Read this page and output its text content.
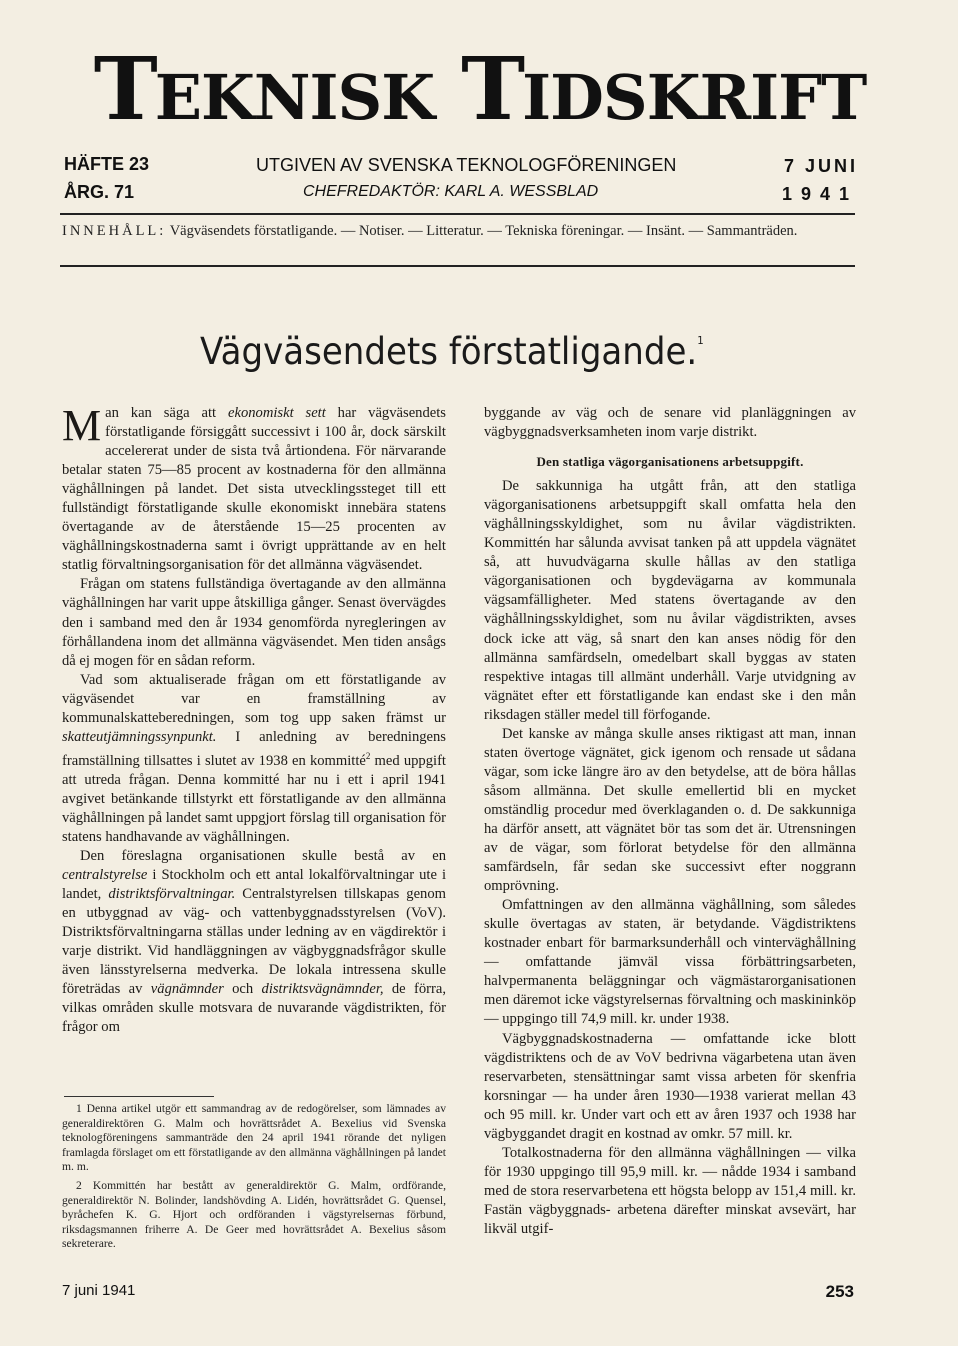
TEKNISK TIDSKRIFT
HÄFTE 23
ÅRG. 71
UTGIVEN AV SVENSKA TEKNOLOGFÖRENINGEN
CHEFREDAKTÖR: KARL A. WESSBLAD
7 JUNI
1941
INNEHÅLL: Vägväsendets förstatligande. — Notiser. — Litteratur. — Tekniska föreningar. — Insänt. — Sammanträden.
Vägväsendets förstatligande.$^1$

Man kan säga att ekonomiskt sett har vägväsendets förstatligande försiggått successivt i 100 år, dock särskilt accelererat under de sista två årtiondena. För närvarande betalar staten 75—85 procent av kostnaderna för den allmänna väghållningen på landet. Det sista utvecklingssteget till ett fullständigt förstatligande skulle ekonomiskt innebära statens övertagande av de återstående 15—25 procenten av väghållningskostnaderna samt i övrigt upprättande av en helt statlig förvaltningsorganisation för det allmänna vägväsendet.

Frågan om statens fullständiga övertagande av den allmänna väghållningen har varit uppe åtskilliga gånger. Senast övervägdes den i samband med den år 1934 genomförda nyregleringen av förhållandena inom det allmänna vägväsendet. Men tiden ansågs då ej mogen för en sådan reform.

Vad som aktualiserade frågan om ett förstatligande av vägväsendet var en framställning av kommunalskatteberedningen, som tog upp saken främst ur skatteutjämningssynpunkt. I anledning av beredningens framställning tillsattes i slutet av 1938 en kommitté$^2$ med uppgift att utreda frågan. Denna kommitté har nu i ett i april 1941 avgivet betänkande tillstyrkt ett förstatligande av den allmänna väghållningen på landet samt uppgjort förslag till organisation för statens handhavande av väghållningen.

Den föreslagna organisationen skulle bestå av en centralstyrelse i Stockholm och ett antal lokalförvaltningar ute i landet, distriktsförvaltningar. Centralstyrelsen tillskapas genom en utbyggnad av väg- och vattenbyggnadsstyrelsen (VoV). Distriktsförvaltningarna ställas under ledning av en vägdirektör i varje distrikt. Vid handläggningen av vägbyggnadsfrågor skulle även länsstyrelserna medverka. De lokala intressena skulle företrädas av vägnämnder och distriktsvägnämnder, de förra, vilkas områden skulle motsvara de nuvarande vägdistrikten, för frågor om

1 Denna artikel utgör ett sammandrag av de redogörelser, som lämnades av generaldirektören G. Malm och hovrättsrådet A. Bexelius vid Svenska teknologföreningens sammanträde den 24 april 1941 rörande det nyligen framlagda förslaget om ett förstatligande av den allmänna väghållningen på landet m. m.

2 Kommittén har bestått av generaldirektör G. Malm, ordförande, generaldirektör N. Bolinder, landshövding A. Lidén, hovrättsrådet G. Quensel, byråchefen K. G. Hjort och ordföranden i vägstyrelsernas förbund, riksdagsmannen friherre A. De Geer med hovrättsrådet A. Bexelius såsom sekreterare.

byggande av väg och de senare vid planläggningen av vägbyggnadsverksamheten inom varje distrikt.

Den statliga vägorganisationens arbetsuppgift.

De sakkunniga ha utgått från, att den statliga vägorganisationens arbetsuppgift skall omfatta hela den väghållningsskyldighet, som nu åvilar vägdistrikten. Kommittén har sålunda avvisat tanken på att uppdela vägnätet så, att huvudvägarna skulle hållas av den statliga vägorganisationen och bygdevägarna av kommunala vägsamfälligheter. Med statens övertagande av den väghållningsskyldighet, som nu åvilar vägdistrikten, avses dock icke att väg, så snart den kan anses nödig för den allmänna samfärdseln, omedelbart skall byggas av staten respektive intagas till allmänt underhåll. Varje utvidgning av vägnätet efter ett förstatligande kan endast ske i den mån riksdagen ställer medel till förfogande.

Det kanske av många skulle anses riktigast att man, innan staten övertoge vägnätet, gick igenom och rensade ut sådana vägar, som icke längre äro av den betydelse, att de böra hållas såsom allmänna. Det skulle emellertid bli en mycket omständlig procedur med överklaganden o. d. De sakkunniga ha därför ansett, att vägnätet bör tas som det är. Utrensningen av de vägar, som förlorat betydelse för den allmänna samfärdseln, får sedan ske successivt efter noggrann omprövning.

Omfattningen av den allmänna väghållning, som således skulle övertagas av staten, är betydande. Vägdistriktens kostnader enbart för barmarksunderhåll och vinterväghållning — omfattande jämväl vissa förbättringsarbeten, halvpermanenta beläggningar och vägmästarorganisationen men däremot icke vägstyrelsernas förvaltning och maskininköp — uppgingo till 74,9 mill. kr. under 1938.

Vägbyggnadskostnaderna — omfattande icke blott vägdistriktens och de av VoV bedrivna vägarbetena utan även reservarbeten, stensättningar samt vissa arbeten för skenfria korsningar — ha under åren 1930—1938 varierat mellan 43 och 95 mill. kr. Under vart och ett av åren 1937 och 1938 har vägbyggandet dragit en kostnad av omkr. 57 mill. kr.

Totalkostnaderna för den allmänna väghållningen — vilka för 1930 uppgingo till 95,9 mill. kr. — nådde 1934 i samband med de stora reservarbetena ett högsta belopp av 151,4 mill. kr. Fastän vägbyggnads- arbetena därefter minskat avsevärt, har likväl utgif-

7 juni 1941	253
